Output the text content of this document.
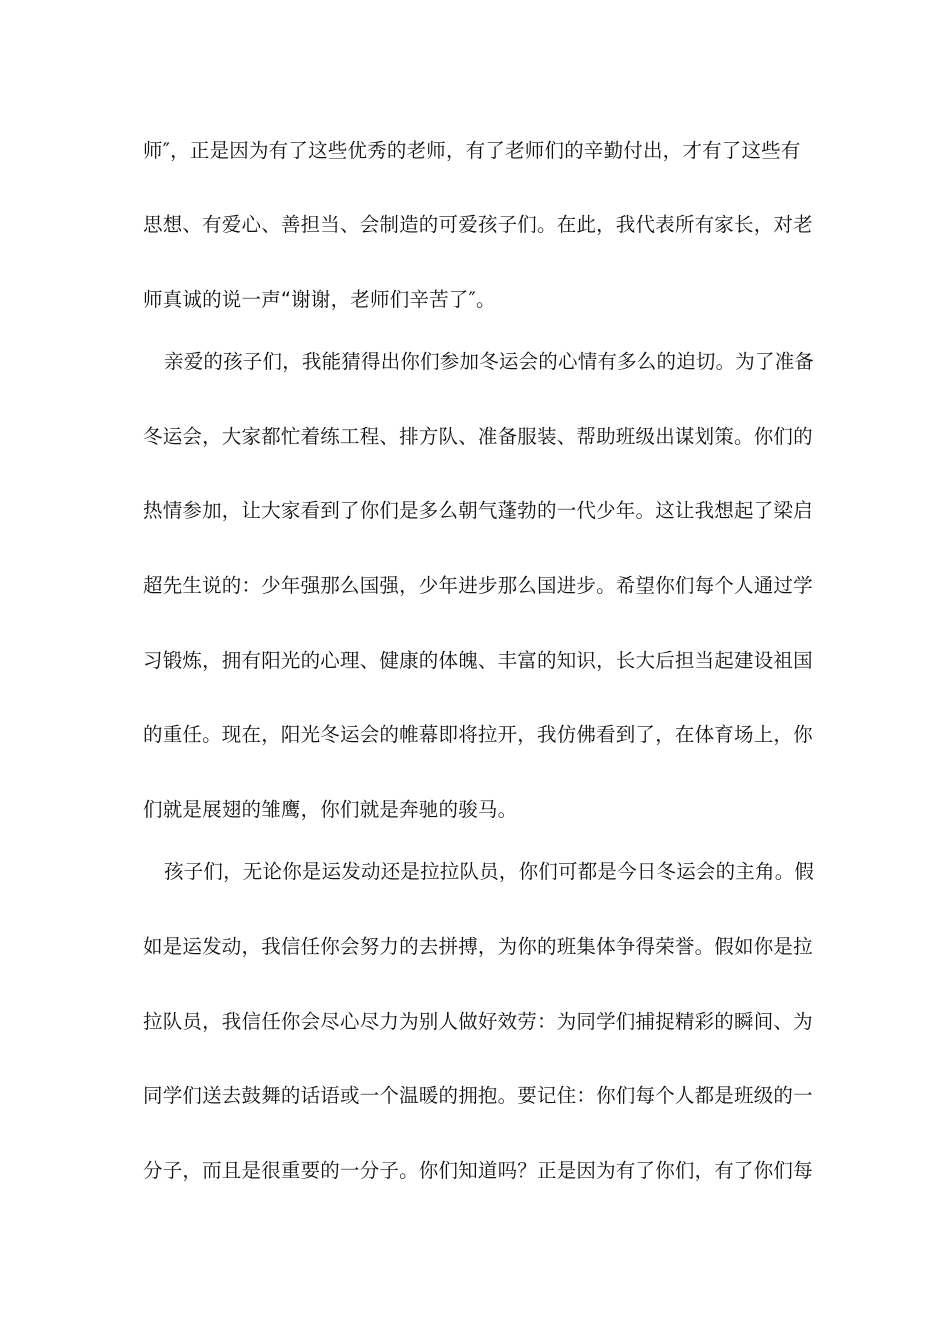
师″，正是因为有了这些优秀的老师，有了老师们的辛勤付出，才有了这些有
思想、有爱心、善担当、会制造的可爱孩子们。在此，我代表所有家长，对老
师真诚的说一声“谢谢，老师们辛苦了″。
亲爱的孩子们，我能猜得出你们参加冬运会的心情有多么的迫切。为了准备
冬运会，大家都忙着练工程、排方队、准备服装、帮助班级出谋划策。你们的
热情参加，让大家看到了你们是多么朝气蓬勃的一代少年。这让我想起了梁启
超先生说的：少年强那么国强，少年进步那么国进步。希望你们每个人通过学
习锻炼，拥有阳光的心理、健康的体魄、丰富的知识，长大后担当起建设祖国
的重任。现在，阳光冬运会的帷幕即将拉开，我仿佛看到了，在体育场上，你
们就是展翅的雏鹰，你们就是奔驰的骏马。
孩子们，无论你是运发动还是拉拉队员，你们可都是今日冬运会的主角。假
如是运发动，我信任你会努力的去拼搏，为你的班集体争得荣誉。假如你是拉
拉队员，我信任你会尽心尽力为别人做好效劳：为同学们捕捉精彩的瞬间、为
同学们送去鼓舞的话语或一个温暖的拥抱。要记住：你们每个人都是班级的一
分子，而且是很重要的一分子。你们知道吗？正是因为有了你们，有了你们每
